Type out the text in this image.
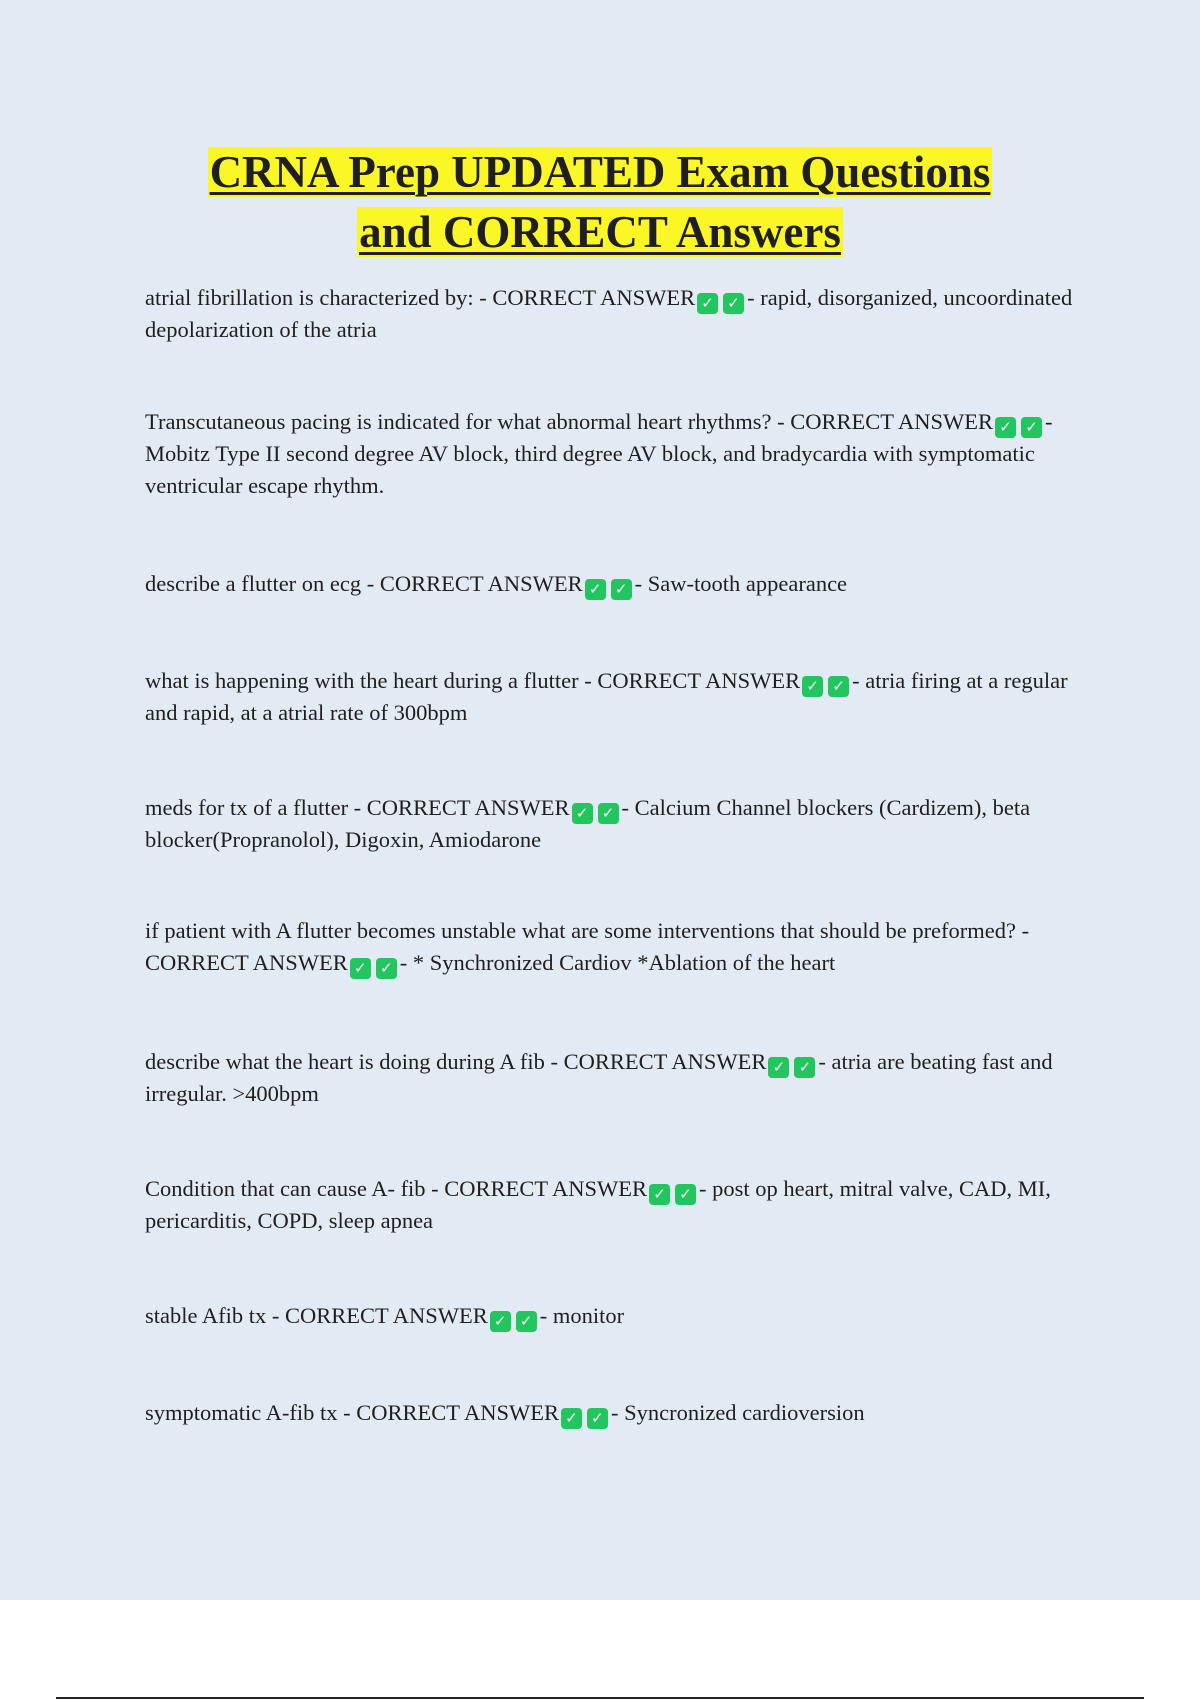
CRNA Prep UPDATED Exam Questions
and CORRECT Answers

atrial fibrillation is characterized by: - CORRECT ANSWER ✓ ✓ - rapid, disorganized, uncoordinated depolarization of the atria

Transcutaneous pacing is indicated for what abnormal heart rhythms? - CORRECT ANSWER ✓ ✓ - Mobitz Type II second degree AV block, third degree AV block, and bradycardia with symptomatic ventricular escape rhythm.

describe a flutter on ecg - CORRECT ANSWER ✓ ✓ - Saw-tooth appearance

what is happening with the heart during a flutter - CORRECT ANSWER ✓ ✓ - atria firing at a regular and rapid, at a atrial rate of 300bpm

meds for tx of a flutter - CORRECT ANSWER ✓ ✓ - Calcium Channel blockers (Cardizem), beta blocker(Propranolol), Digoxin, Amiodarone

if patient with A flutter becomes unstable what are some interventions that should be preformed? - CORRECT ANSWER ✓ ✓ - * Synchronized Cardiov *Ablation of the heart

describe what the heart is doing during A fib - CORRECT ANSWER ✓ ✓ - atria are beating fast and irregular. >400bpm

Condition that can cause A- fib - CORRECT ANSWER ✓ ✓ - post op heart, mitral valve, CAD, MI, pericarditis, COPD, sleep apnea

stable Afib tx - CORRECT ANSWER ✓ ✓ - monitor

symptomatic A-fib tx - CORRECT ANSWER ✓ ✓ - Syncronized cardioversion
